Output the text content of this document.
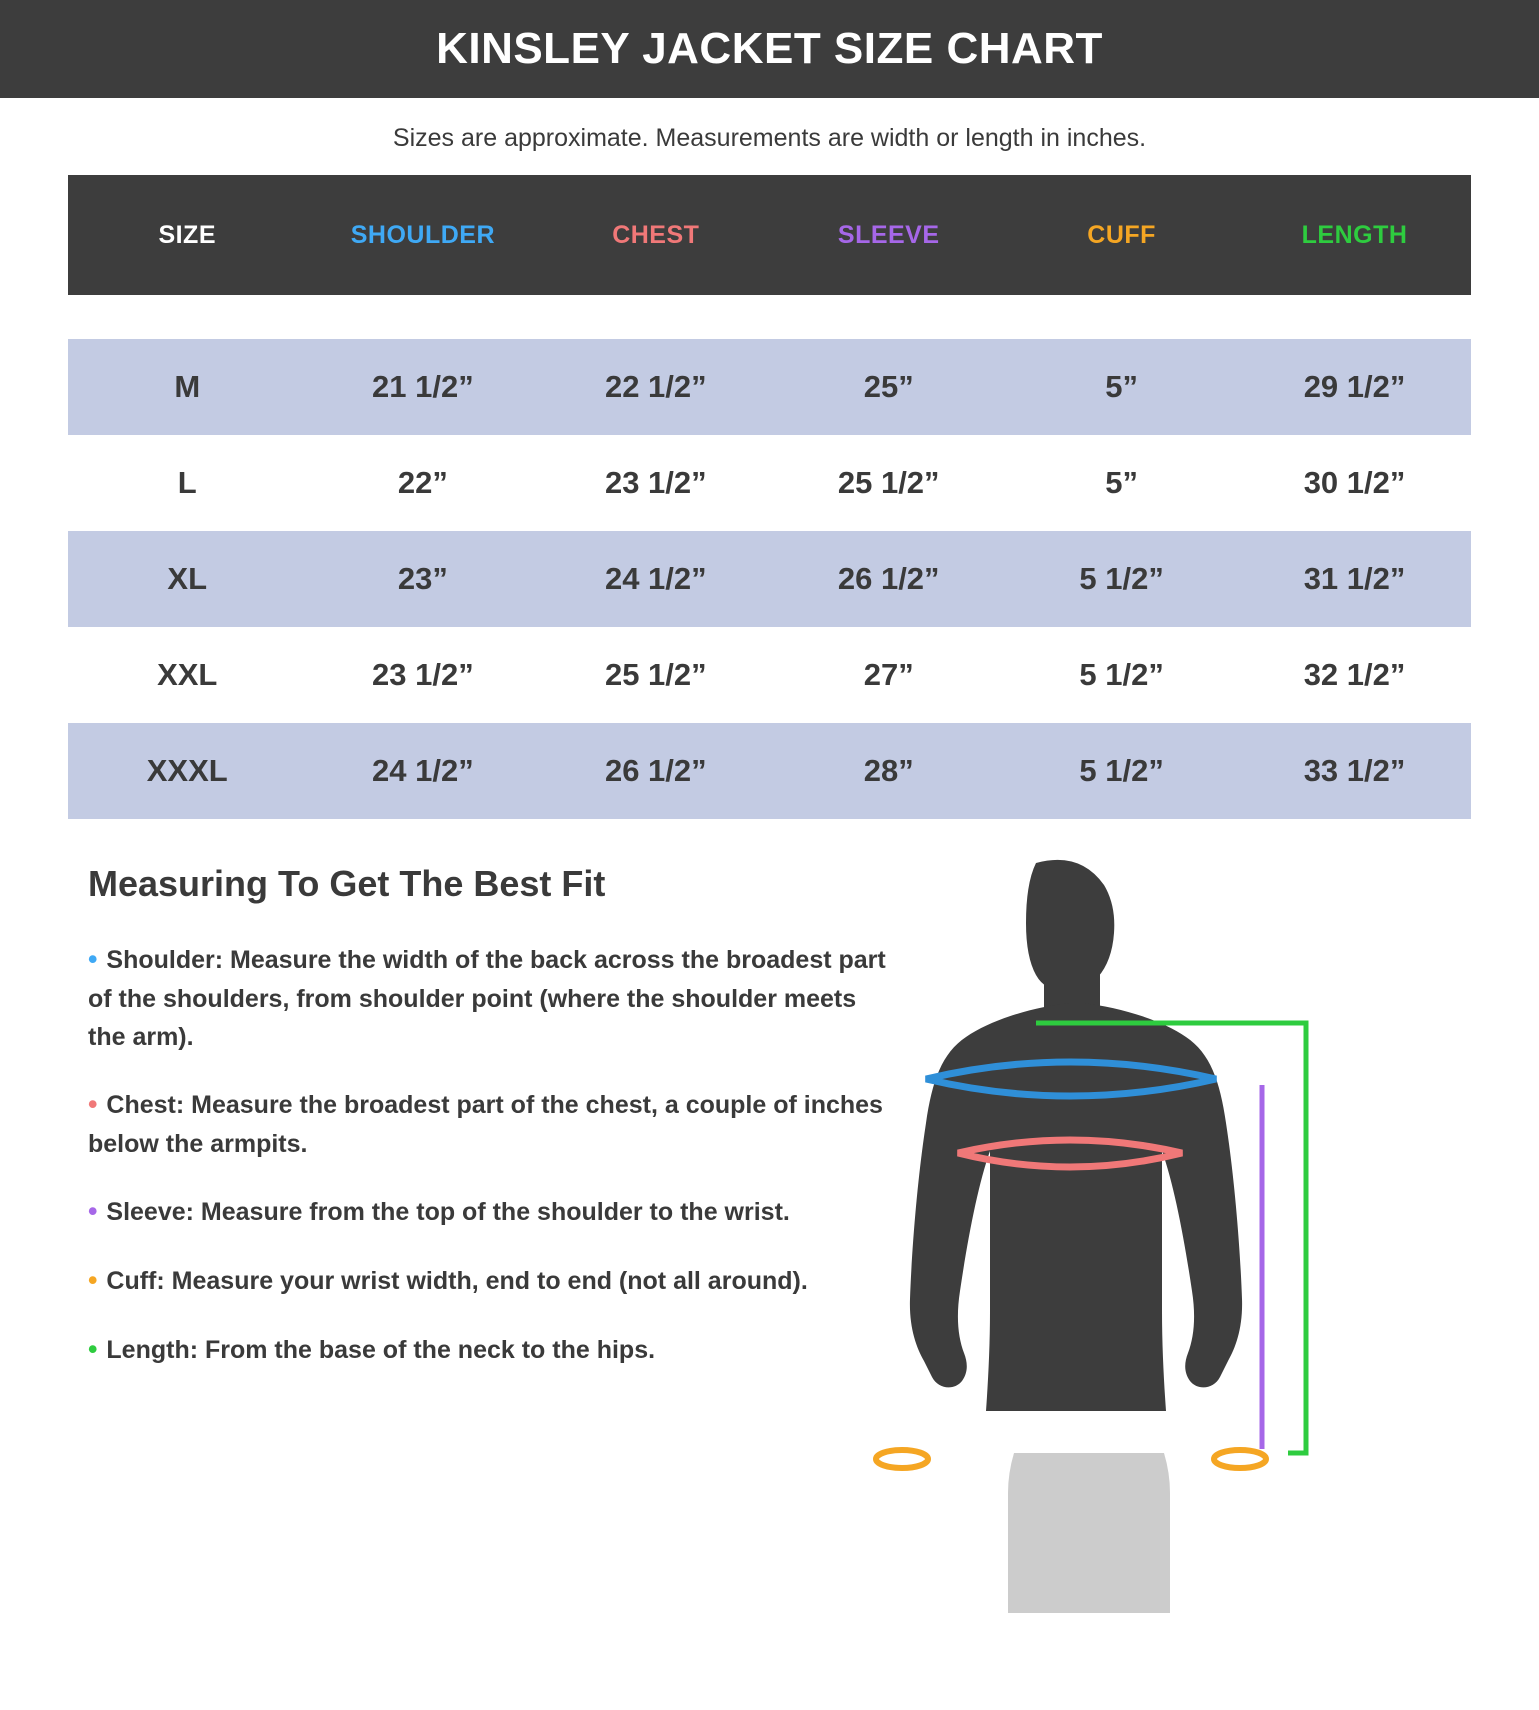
KINSLEY JACKET SIZE CHART
Sizes are approximate. Measurements are width or length in inches.
SIZE	SHOULDER	CHEST	SLEEVE	CUFF	LENGTH

M	21 1/2”	22 1/2”	25”	5”	29 1/2”
L	22”	23 1/2”	25 1/2”	5”	30 1/2”
XL	23”	24 1/2”	26 1/2”	5 1/2”	31 1/2”
XXL	23 1/2”	25 1/2”	27”	5 1/2”	32 1/2”
XXXL	24 1/2”	26 1/2”	28”	5 1/2”	33 1/2”
Measuring To Get The Best Fit
• Shoulder: Measure the width of the back across the broadest part of the shoulders, from shoulder point (where the shoulder meets the arm).
• Chest: Measure the broadest part of the chest, a couple of inches below the armpits.
• Sleeve: Measure from the top of the shoulder to the wrist.
• Cuff: Measure your wrist width, end to end (not all around).
• Length: From the base of the neck to the hips.
